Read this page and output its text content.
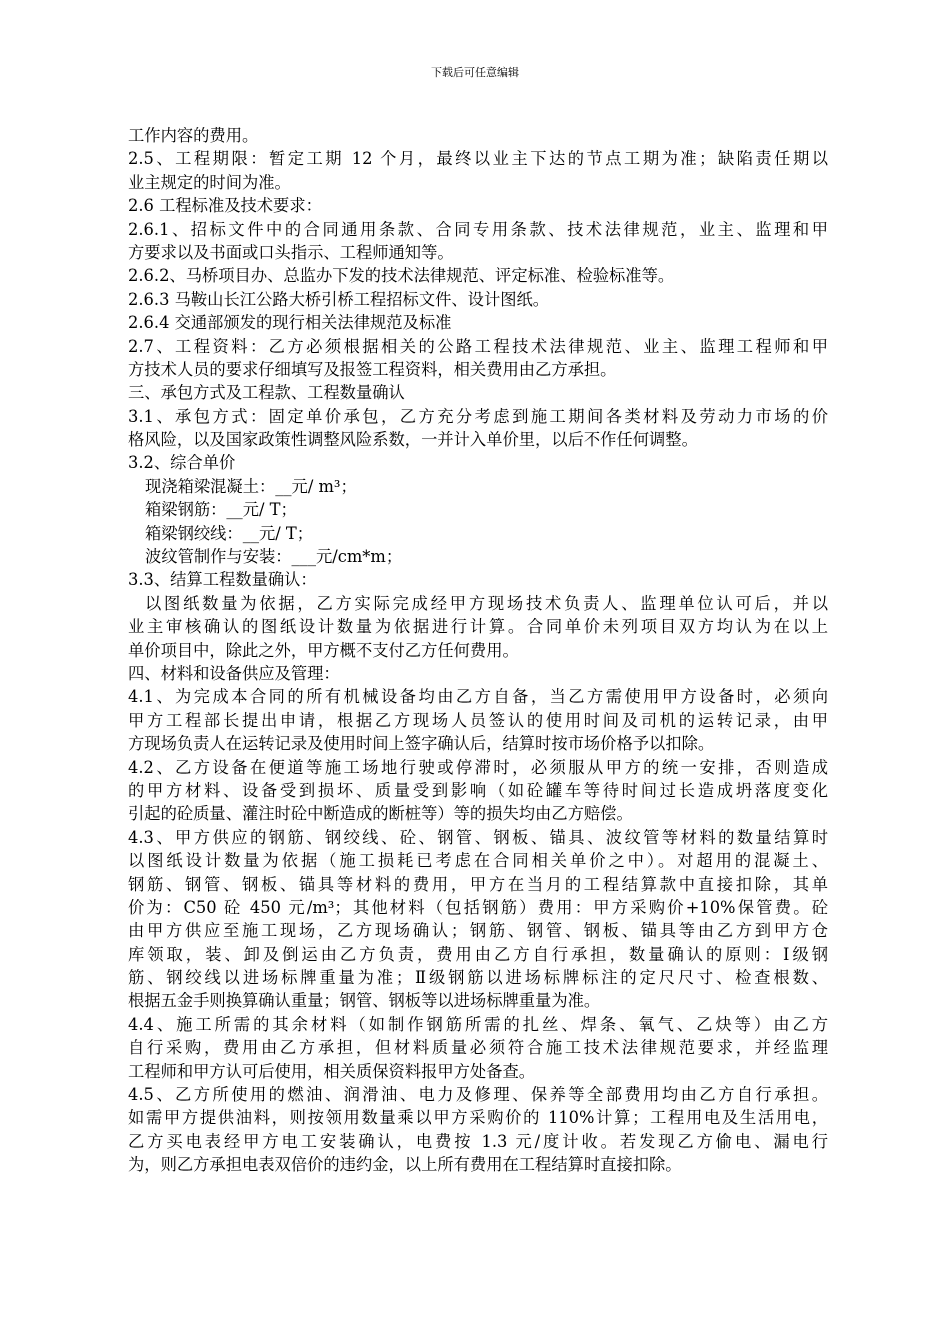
下载后可任意编辑
工作内容的费用。
2.5、工程期限：暂定工期 12 个月，最终以业主下达的节点工期为准；缺陷责任期以
业主规定的时间为准。
2.6 工程标准及技术要求：
2.6.1、招标文件中的合同通用条款、合同专用条款、技术法律规范，业主、监理和甲
方要求以及书面或口头指示、工程师通知等。
2.6.2、马桥项目办、总监办下发的技术法律规范、评定标准、检验标准等。
2.6.3 马鞍山长江公路大桥引桥工程招标文件、设计图纸。
2.6.4 交通部颁发的现行相关法律规范及标准
2.7、工程资料：乙方必须根据相关的公路工程技术法律规范、业主、监理工程师和甲
方技术人员的要求仔细填写及报签工程资料，相关费用由乙方承担。
三、承包方式及工程款、工程数量确认
3.1、承包方式：固定单价承包，乙方充分考虑到施工期间各类材料及劳动力市场的价
格风险，以及国家政策性调整风险系数，一并计入单价里，以后不作任何调整。
3.2、综合单价
现浇箱梁混凝土：__元/ m³；
箱梁钢筋：__元/ T；
箱梁钢绞线：__元/ T；
波纹管制作与安装：___元/cm*m；
3.3、结算工程数量确认：
以图纸数量为依据，乙方实际完成经甲方现场技术负责人、监理单位认可后，并以
业主审核确认的图纸设计数量为依据进行计算。合同单价未列项目双方均认为在以上
单价项目中，除此之外，甲方概不支付乙方任何费用。
四、材料和设备供应及管理：
4.1、为完成本合同的所有机械设备均由乙方自备，当乙方需使用甲方设备时，必须向
甲方工程部长提出申请，根据乙方现场人员签认的使用时间及司机的运转记录，由甲
方现场负责人在运转记录及使用时间上签字确认后，结算时按市场价格予以扣除。
4.2、乙方设备在便道等施工场地行驶或停滞时，必须服从甲方的统一安排，否则造成
的甲方材料、设备受到损坏、质量受到影响（如砼罐车等待时间过长造成坍落度变化
引起的砼质量、灌注时砼中断造成的断桩等）等的损失均由乙方赔偿。
4.3、甲方供应的钢筋、钢绞线、砼、钢管、钢板、锚具、波纹管等材料的数量结算时
以图纸设计数量为依据（施工损耗已考虑在合同相关单价之中）。对超用的混凝土、
钢筋、钢管、钢板、锚具等材料的费用，甲方在当月的工程结算款中直接扣除，其单
价为：C50 砼 450 元/m³；其他材料（包括钢筋）费用：甲方采购价+10%保管费。砼
由甲方供应至施工现场，乙方现场确认；钢筋、钢管、钢板、锚具等由乙方到甲方仓
库领取，装、卸及倒运由乙方负责，费用由乙方自行承担，数量确认的原则：Ⅰ级钢
筋、钢绞线以进场标牌重量为准；Ⅱ级钢筋以进场标牌标注的定尺尺寸、检查根数、
根据五金手则换算确认重量；钢管、钢板等以进场标牌重量为准。
4.4、施工所需的其余材料（如制作钢筋所需的扎丝、焊条、氧气、乙炔等）由乙方
自行采购，费用由乙方承担，但材料质量必须符合施工技术法律规范要求，并经监理
工程师和甲方认可后使用，相关质保资料报甲方处备查。
4.5、乙方所使用的燃油、润滑油、电力及修理、保养等全部费用均由乙方自行承担。
如需甲方提供油料，则按领用数量乘以甲方采购价的 110%计算；工程用电及生活用电，
乙方买电表经甲方电工安装确认，电费按 1.3 元/度计收。若发现乙方偷电、漏电行
为，则乙方承担电表双倍价的违约金，以上所有费用在工程结算时直接扣除。
